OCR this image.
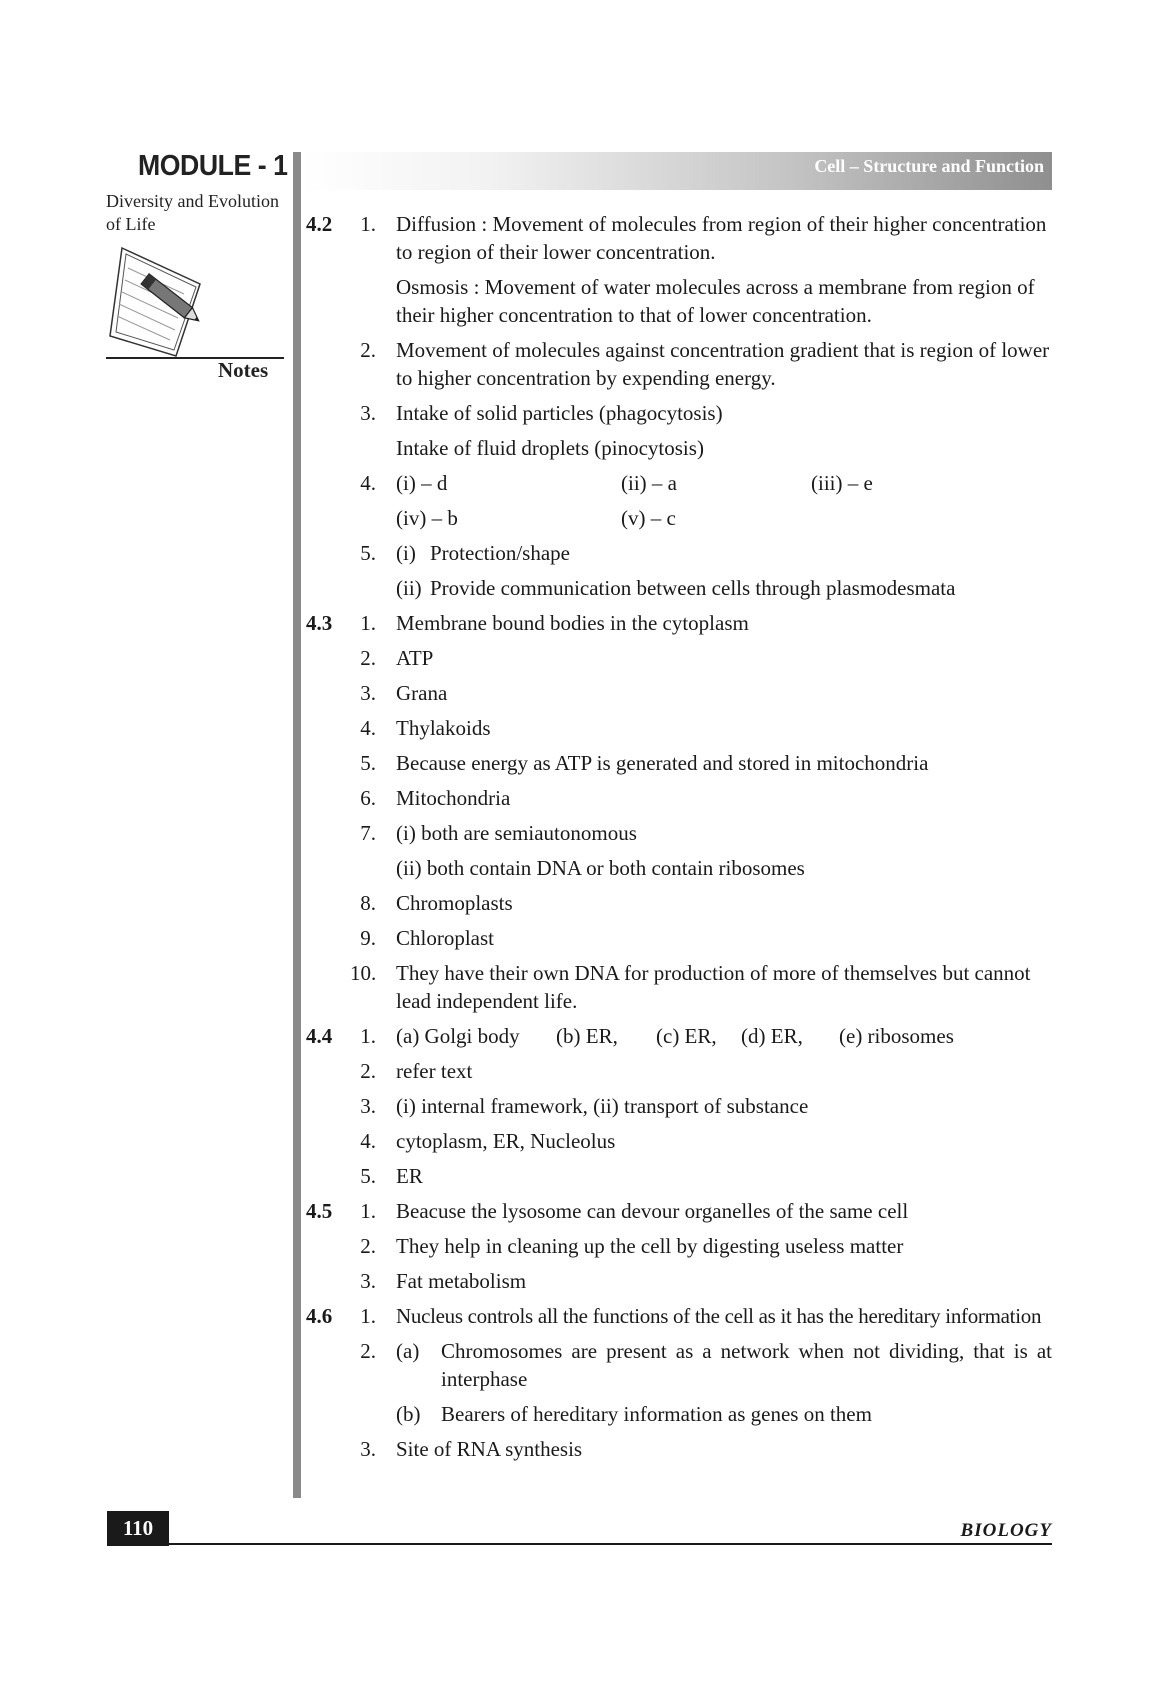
MODULE - 1
Diversity and Evolution
of Life
Notes
Cell – Structure and Function
4.2	1. Diffusion : Movement of molecules from region of their higher concentration to region of their lower concentration.
Osmosis : Movement of water molecules across a membrane from region of their higher concentration to that of lower concentration.
2. Movement of molecules against concentration gradient that is region of lower to higher concentration by expending energy.
3. Intake of solid particles (phagocytosis)
Intake of fluid droplets (pinocytosis)
4. (i) – d	(ii) – a	(iii) – e
(iv) – b	(v) – c
5. (i) Protection/shape
(ii) Provide communication between cells through plasmodesmata
4.3	1. Membrane bound bodies in the cytoplasm
2. ATP
3. Grana
4. Thylakoids
5. Because energy as ATP is generated and stored in mitochondria
6. Mitochondria
7. (i) both are semiautonomous
(ii) both contain DNA or both contain ribosomes
8. Chromoplasts
9. Chloroplast
10. They have their own DNA for production of more of themselves but cannot lead independent life.
4.4	1. (a) Golgi body	(b) ER,	(c) ER,	(d) ER,	(e) ribosomes
2. refer text
3. (i) internal framework, (ii) transport of substance
4. cytoplasm, ER, Nucleolus
5. ER
4.5	1. Beacuse the lysosome can devour organelles of the same cell
2. They help in cleaning up the cell by digesting useless matter
3. Fat metabolism
4.6	1. Nucleus controls all the functions of the cell as it has the hereditary information
2. (a)	Chromosomes are present as a network when not dividing, that is at interphase
(b) Bearers of hereditary information as genes on them
3. Site of RNA synthesis
110	BIOLOGY
